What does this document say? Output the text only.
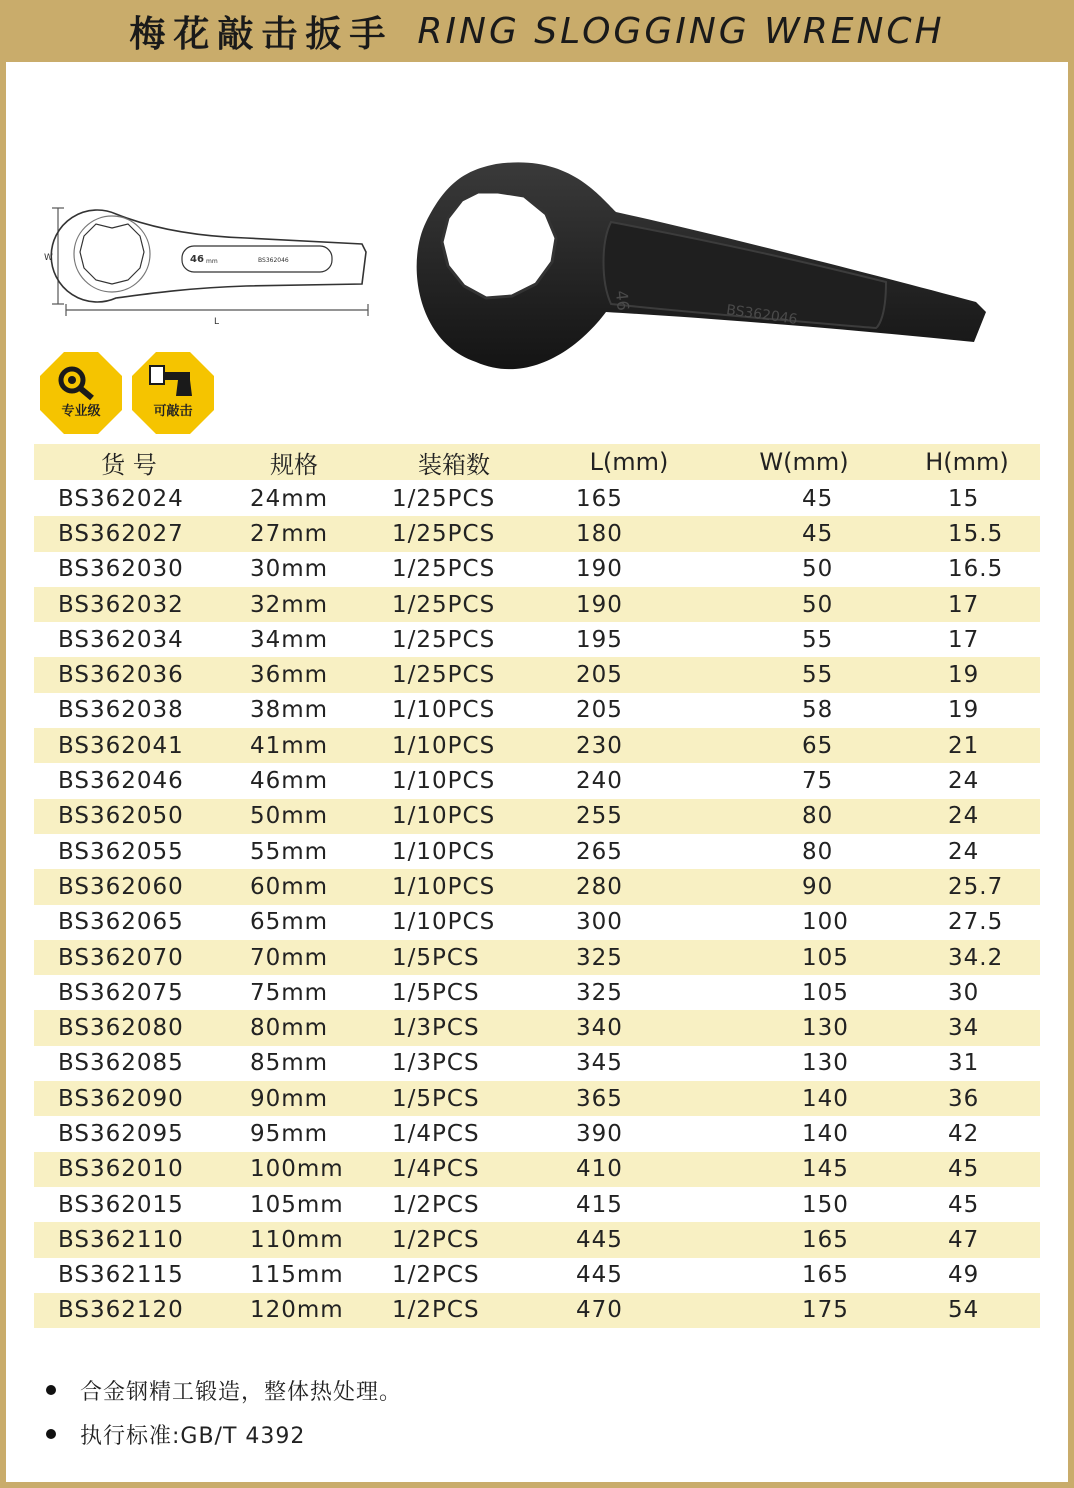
梅花敲击扳手 RING SLOGGING WRENCH
W
L
46 mm	BS362046
46
BS362046
专业级	可敲击
货 号	规格	装箱数	L(mm)	W(mm)	H(mm)
BS362024	24mm	1/25PCS	165	45	15
BS362027	27mm	1/25PCS	180	45	15.5
BS362030	30mm	1/25PCS	190	50	16.5
BS362032	32mm	1/25PCS	190	50	17
BS362034	34mm	1/25PCS	195	55	17
BS362036	36mm	1/25PCS	205	55	19
BS362038	38mm	1/10PCS	205	58	19
BS362041	41mm	1/10PCS	230	65	21
BS362046	46mm	1/10PCS	240	75	24
BS362050	50mm	1/10PCS	255	80	24
BS362055	55mm	1/10PCS	265	80	24
BS362060	60mm	1/10PCS	280	90	25.7
BS362065	65mm	1/10PCS	300	100	27.5
BS362070	70mm	1/5PCS	325	105	34.2
BS362075	75mm	1/5PCS	325	105	30
BS362080	80mm	1/3PCS	340	130	34
BS362085	85mm	1/3PCS	345	130	31
BS362090	90mm	1/5PCS	365	140	36
BS362095	95mm	1/4PCS	390	140	42
BS362010	100mm	1/4PCS	410	145	45
BS362015	105mm	1/2PCS	415	150	45
BS362110	110mm	1/2PCS	445	165	47
BS362115	115mm	1/2PCS	445	165	49
BS362120	120mm	1/2PCS	470	175	54
合金钢精工锻造，整体热处理。
执行标准:GB/T 4392
